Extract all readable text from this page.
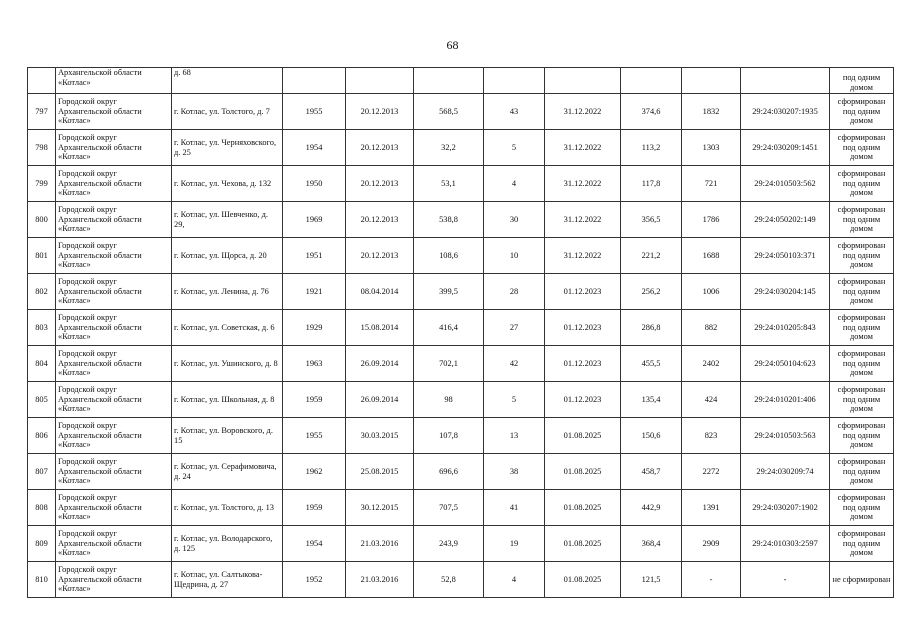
68
	Архангельской области «Котлас»	д. 68									под одним домом
797	Городской округ Архангельской области «Котлас»	г. Котлас, ул. Толстого, д. 7	1955	20.12.2013	568,5	43	31.12.2022	374,6	1832	29:24:030207:1935	сформирован под одним домом
798	Городской округ Архангельской области «Котлас»	г. Котлас, ул. Черняховского, д. 25	1954	20.12.2013	32,2	5	31.12.2022	113,2	1303	29:24:030209:1451	сформирован под одним домом
799	Городской округ Архангельской области «Котлас»	г. Котлас, ул. Чехова, д. 132	1950	20.12.2013	53,1	4	31.12.2022	117,8	721	29:24:010503:562	сформирован под одним домом
800	Городской округ Архангельской области «Котлас»	г. Котлас, ул. Шевченко, д. 29,	1969	20.12.2013	538,8	30	31.12.2022	356,5	1786	29:24:050202:149	сформирован под одним домом
801	Городской округ Архангельской области «Котлас»	г. Котлас, ул. Щорса, д. 20	1951	20.12.2013	108,6	10	31.12.2022	221,2	1688	29:24:050103:371	сформирован под одним домом
802	Городской округ Архангельской области «Котлас»	г. Котлас, ул. Ленина, д. 76	1921	08.04.2014	399,5	28	01.12.2023	256,2	1006	29:24:030204:145	сформирован под одним домом
803	Городской округ Архангельской области «Котлас»	г. Котлас, ул. Советская, д. 6	1929	15.08.2014	416,4	27	01.12.2023	286,8	882	29:24:010205:843	сформирован под одним домом
804	Городской округ Архангельской области «Котлас»	г. Котлас, ул. Ушинского, д. 8	1963	26.09.2014	702,1	42	01.12.2023	455,5	2402	29:24:050104:623	сформирован под одним домом
805	Городской округ Архангельской области «Котлас»	г. Котлас, ул. Школьная, д. 8	1959	26.09.2014	98	5	01.12.2023	135,4	424	29:24:010201:406	сформирован под одним домом
806	Городской округ Архангельской области «Котлас»	г. Котлас, ул. Воровского, д. 15	1955	30.03.2015	107,8	13	01.08.2025	150,6	823	29:24:010503:563	сформирован под одним домом
807	Городской округ Архангельской области «Котлас»	г. Котлас, ул. Серафимовича, д. 24	1962	25.08.2015	696,6	38	01.08.2025	458,7	2272	29:24:030209:74	сформирован под одним домом
808	Городской округ Архангельской области «Котлас»	г. Котлас, ул. Толстого, д. 13	1959	30.12.2015	707,5	41	01.08.2025	442,9	1391	29:24:030207:1902	сформирован под одним домом
809	Городской округ Архангельской области «Котлас»	г. Котлас, ул. Володарского, д. 125	1954	21.03.2016	243,9	19	01.08.2025	368,4	2909	29:24:010303:2597	сформирован под одним домом
810	Городской округ Архангельской области «Котлас»	г. Котлас, ул. Салтыкова-Щедрина, д. 27	1952	21.03.2016	52,8	4	01.08.2025	121,5	-	-	не сформирован
